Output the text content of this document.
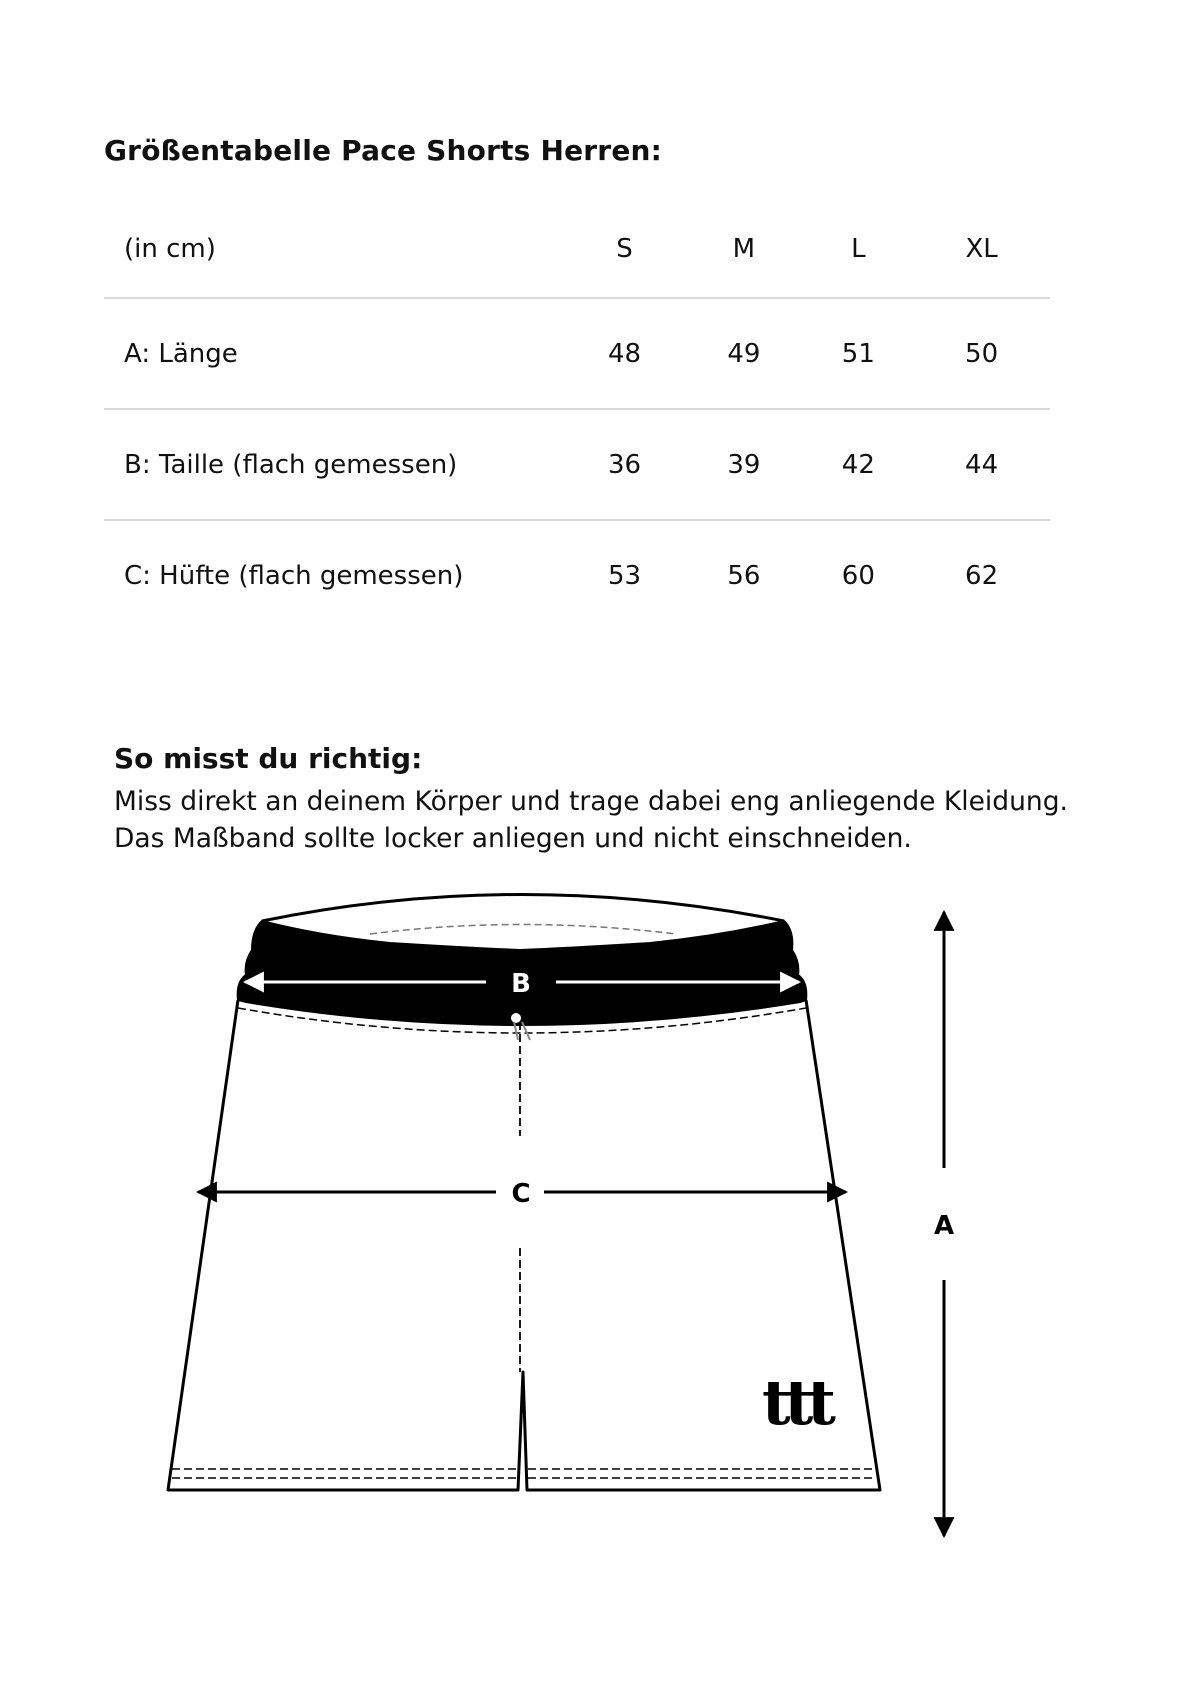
Größentabelle Pace Shorts Herren:
(in cm)	S	M	L	XL
A: Länge	48	49	51	50
B: Taille (flach gemessen)	36	39	42	44
C: Hüfte (flach gemessen)	53	56	60	62
So misst du richtig:

Miss direkt an deinem Körper und trage dabei eng anliegende Kleidung.

Das Maßband sollte locker anliegen und nicht einschneiden.

B
C
A
ttt
